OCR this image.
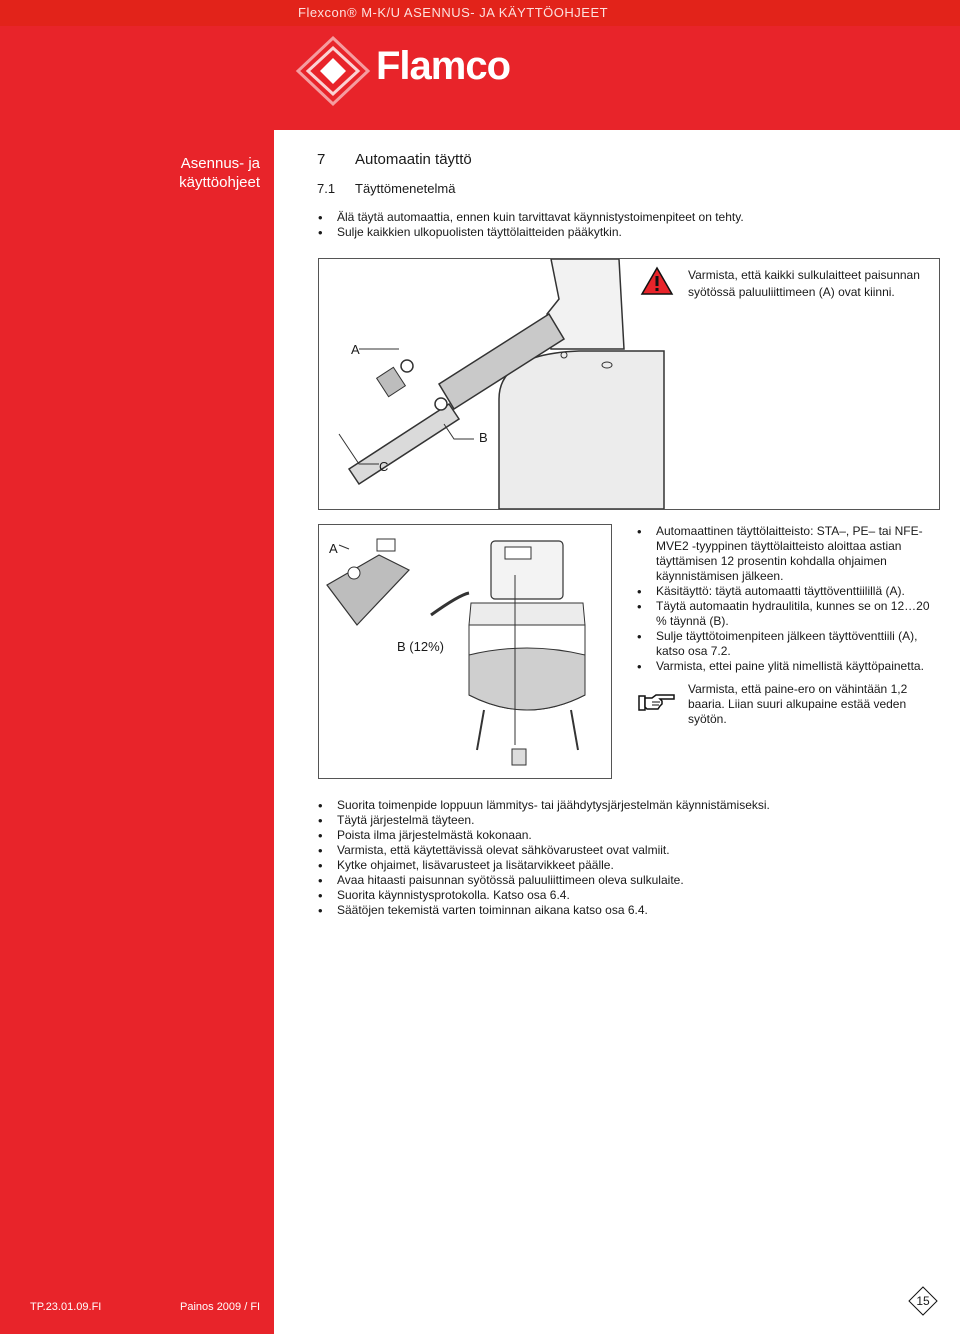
Flexcon® M-K/U ASENNUS- JA KÄYTTÖOHJEET
Flamco
Asennus- ja käyttöohjeet
7 Automaatin täyttö
7.1 Täyttömenetelmä
• Älä täytä automaattia, ennen kuin tarvittavat käynnistystoimenpiteet on tehty.
• Sulje kaikkien ulkopuolisten täyttölaitteiden pääkytkin.
A
B
C
Varmista, että kaikki sulkulaitteet paisunnan syötössä paluuliittimeen (A) ovat kiinni.
A
B (12%)
• Automaattinen täyttölaitteisto: STA–, PE– tai NFE-MVE2 -tyyppinen täyttölaitteisto aloittaa astian täyttämisen 12 prosentin kohdalla ohjaimen käynnistämisen jälkeen.
• Käsitäyttö: täytä automaatti täyttöventtiilillä (A).
• Täytä automaatin hydraulitila, kunnes se on 12…20 % täynnä (B).
• Sulje täyttötoimenpiteen jälkeen täyttöventtiili (A), katso osa 7.2.
• Varmista, ettei paine ylitä nimellistä käyttöpainetta.
Varmista, että paine-ero on vähintään 1,2 baaria. Liian suuri alkupaine estää veden syötön.
• Suorita toimenpide loppuun lämmitys- tai jäähdytysjärjestelmän käynnistämiseksi.
• Täytä järjestelmä täyteen.
• Poista ilma järjestelmästä kokonaan.
• Varmista, että käytettävissä olevat sähkövarusteet ovat valmiit.
• Kytke ohjaimet, lisävarusteet ja lisätarvikkeet päälle.
• Avaa hitaasti paisunnan syötössä paluuliittimeen oleva sulkulaite.
• Suorita käynnistysprotokolla. Katso osa 6.4.
• Säätöjen tekemistä varten toiminnan aikana katso osa 6.4.
TP.23.01.09.FI	Painos 2009 / FI	15
